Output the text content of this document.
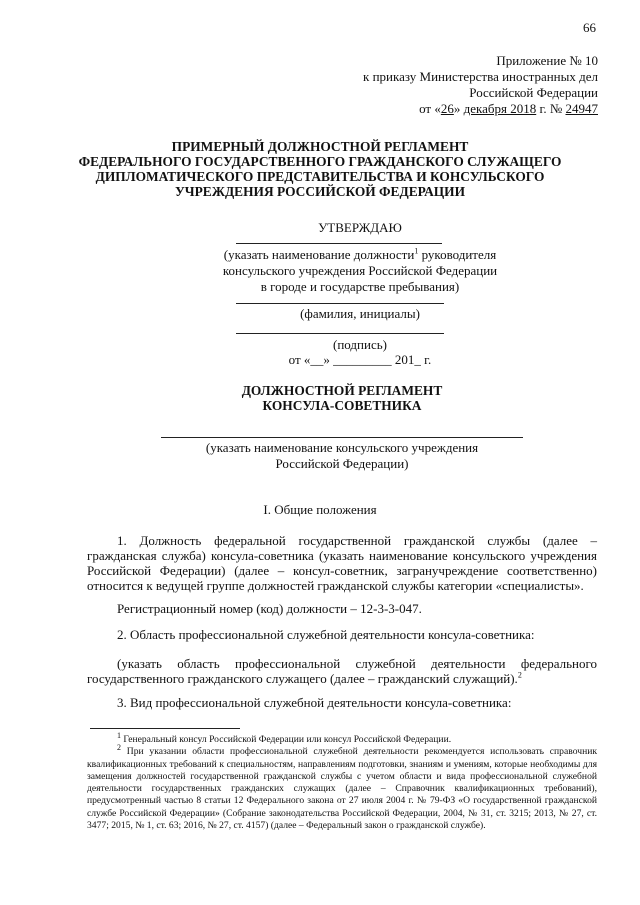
66
Приложение № 10
к приказу Министерства иностранных дел
Российской Федерации
от «26» декабря 2018 г. № 24947
ПРИМЕРНЫЙ ДОЛЖНОСТНОЙ РЕГЛАМЕНТ
ФЕДЕРАЛЬНОГО ГОСУДАРСТВЕННОГО ГРАЖДАНСКОГО СЛУЖАЩЕГО
ДИПЛОМАТИЧЕСКОГО ПРЕДСТАВИТЕЛЬСТВА И КОНСУЛЬСКОГО
УЧРЕЖДЕНИЯ РОССИЙСКОЙ ФЕДЕРАЦИИ
УТВЕРЖДАЮ
(указать наименование должности$^1$ руководителя
консульского учреждения Российской Федерации
в городе и государстве пребывания)
(фамилия, инициалы)
(подпись)
от «__» _________ 201_ г.
ДОЛЖНОСТНОЙ РЕГЛАМЕНТ
КОНСУЛА-СОВЕТНИКА
(указать наименование консульского учреждения
Российской Федерации)
I. Общие положения
1. Должность федеральной государственной гражданской службы (далее – гражданская служба) консула-советника (указать наименование консульского учреждения Российской Федерации) (далее – консул-советник, загранучреждение соответственно) относится к ведущей группе должностей гражданской службы категории «специалисты».
Регистрационный номер (код) должности – 12-3-3-047.
2. Область профессиональной служебной деятельности консула-советника:
(указать область профессиональной служебной деятельности федерального государственного гражданского служащего (далее – гражданский служащий).$^2$
3. Вид профессиональной служебной деятельности консула-советника:

$^1$ Генеральный консул Российской Федерации или консул Российской Федерации.

$^2$ При указании области профессиональной служебной деятельности рекомендуется использовать справочник квалификационных требований к специальностям, направлениям подготовки, знаниям и умениям, которые необходимы для замещения должностей государственной гражданской службы с учетом области и вида профессиональной служебной деятельности государственных гражданских служащих (далее – Справочник квалификационных требований), предусмотренный частью 8 статьи 12 Федерального закона от 27 июля 2004 г. № 79-ФЗ «О государственной гражданской службе Российской Федерации» (Собрание законодательства Российской Федерации, 2004, № 31, ст. 3215; 2013, № 27, ст. 3477; 2015, № 1, ст. 63; 2016, № 27, ст. 4157) (далее – Федеральный закон о гражданской службе).
